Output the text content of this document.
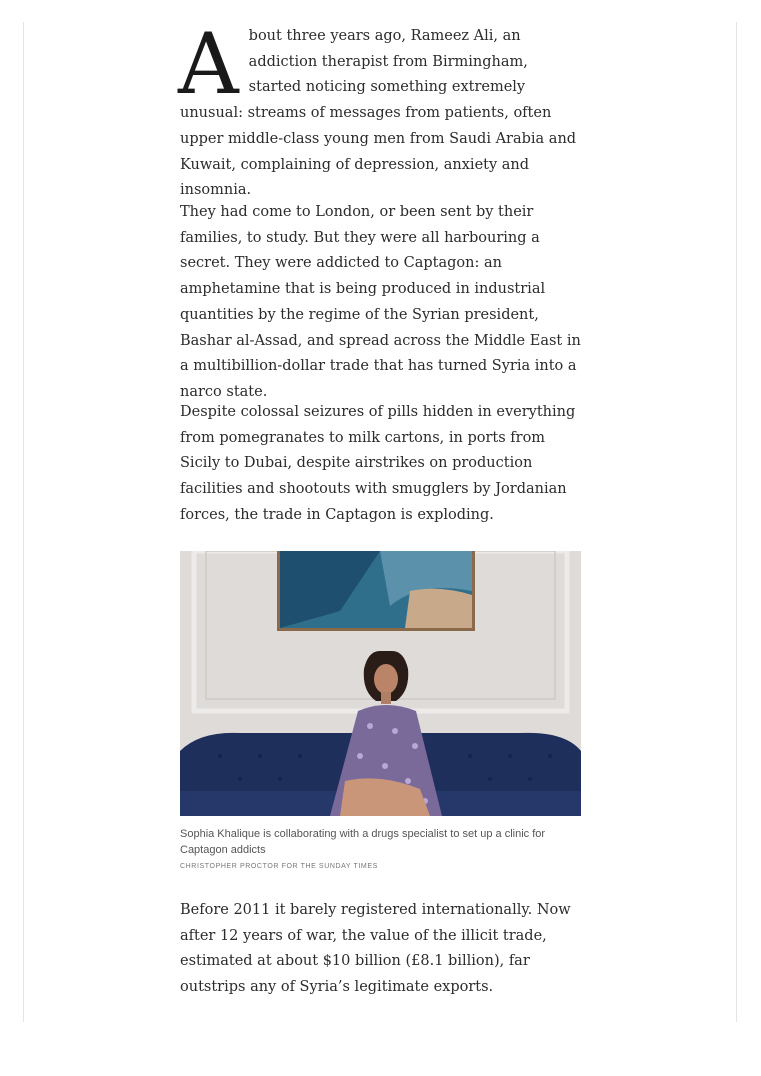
About three years ago, Rameez Ali, an addiction therapist from Birmingham, started noticing something extremely unusual: streams of messages from patients, often upper middle-class young men from Saudi Arabia and Kuwait, complaining of depression, anxiety and insomnia.

They had come to London, or been sent by their families, to study. But they were all harbouring a secret. They were addicted to Captagon: an amphetamine that is being produced in industrial quantities by the regime of the Syrian president, Bashar al-Assad, and spread across the Middle East in a multibillion-dollar trade that has turned Syria into a narco state.

Despite colossal seizures of pills hidden in everything from pomegranates to milk cartons, in ports from Sicily to Dubai, despite airstrikes on production facilities and shootouts with smugglers by Jordanian forces, the trade in Captagon is exploding.

Sophia Khalique is collaborating with a drugs specialist to set up a clinic for Captagon addicts

CHRISTOPHER PROCTOR FOR THE SUNDAY TIMES

Before 2011 it barely registered internationally. Now after 12 years of war, the value of the illicit trade, estimated at about $10 billion (£8.1 billion), far outstrips any of Syria’s legitimate exports.
